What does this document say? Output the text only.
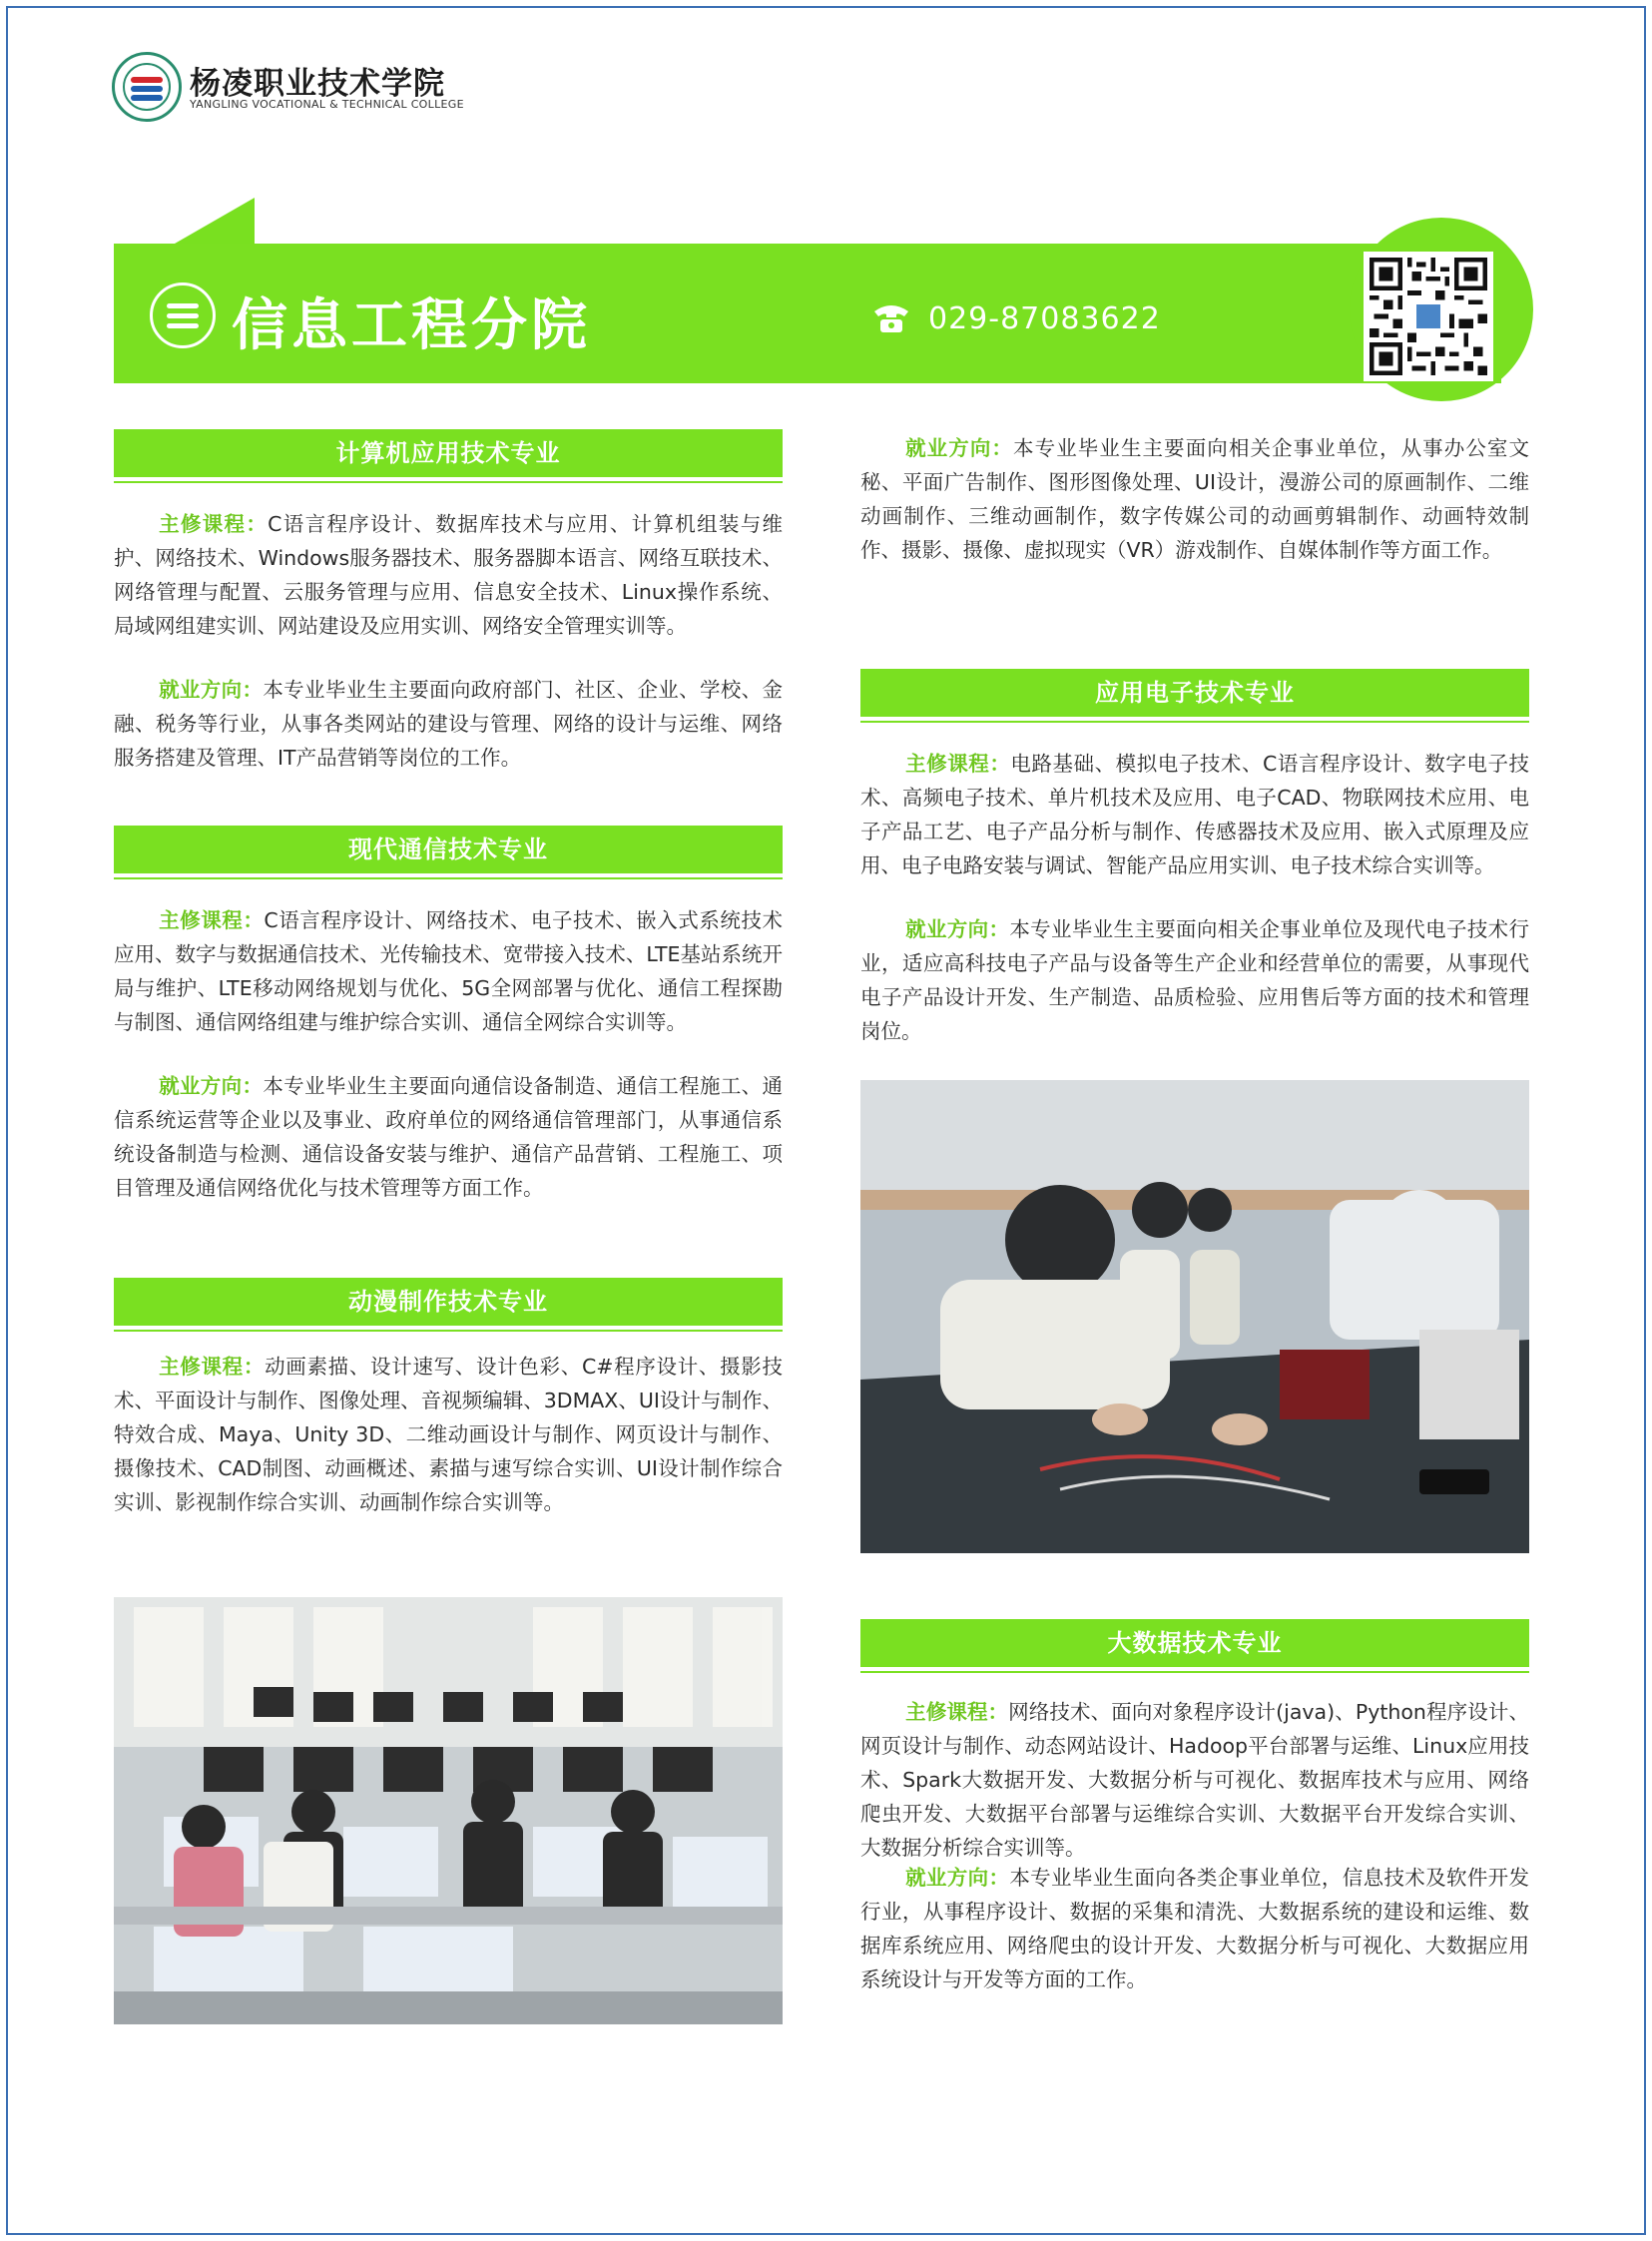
杨凌职业技术学院
YANGLING VOCATIONAL & TECHNICAL COLLEGE
信息工程分院	029-87083622
计算机应用技术专业
主修课程：C语言程序设计、数据库技术与应用、计算机组装与维护、网络技术、Windows服务器技术、服务器脚本语言、网络互联技术、网络管理与配置、云服务管理与应用、信息安全技术、Linux操作系统、局域网组建实训、网站建设及应用实训、网络安全管理实训等。
就业方向：本专业毕业生主要面向政府部门、社区、企业、学校、金融、税务等行业，从事各类网站的建设与管理、网络的设计与运维、网络服务搭建及管理、IT产品营销等岗位的工作。
现代通信技术专业
主修课程：C语言程序设计、网络技术、电子技术、嵌入式系统技术应用、数字与数据通信技术、光传输技术、宽带接入技术、LTE基站系统开局与维护、LTE移动网络规划与优化、5G全网部署与优化、通信工程探勘与制图、通信网络组建与维护综合实训、通信全网综合实训等。
就业方向：本专业毕业生主要面向通信设备制造、通信工程施工、通信系统运营等企业以及事业、政府单位的网络通信管理部门，从事通信系统设备制造与检测、通信设备安装与维护、通信产品营销、工程施工、项目管理及通信网络优化与技术管理等方面工作。
动漫制作技术专业
主修课程：动画素描、设计速写、设计色彩、C#程序设计、摄影技术、平面设计与制作、图像处理、音视频编辑、3DMAX、UI设计与制作、特效合成、Maya、Unity 3D、二维动画设计与制作、网页设计与制作、摄像技术、CAD制图、动画概述、素描与速写综合实训、UI设计制作综合实训、影视制作综合实训、动画制作综合实训等。
就业方向：本专业毕业生主要面向相关企事业单位，从事办公室文秘、平面广告制作、图形图像处理、UI设计，漫游公司的原画制作、二维动画制作、三维动画制作，数字传媒公司的动画剪辑制作、动画特效制作、摄影、摄像、虚拟现实（VR）游戏制作、自媒体制作等方面工作。
应用电子技术专业
主修课程：电路基础、模拟电子技术、C语言程序设计、数字电子技术、高频电子技术、单片机技术及应用、电子CAD、物联网技术应用、电子产品工艺、电子产品分析与制作、传感器技术及应用、嵌入式原理及应用、电子电路安装与调试、智能产品应用实训、电子技术综合实训等。
就业方向：本专业毕业生主要面向相关企事业单位及现代电子技术行业，适应高科技电子产品与设备等生产企业和经营单位的需要，从事现代电子产品设计开发、生产制造、品质检验、应用售后等方面的技术和管理岗位。
大数据技术专业
主修课程：网络技术、面向对象程序设计(java)、Python程序设计、网页设计与制作、动态网站设计、Hadoop平台部署与运维、Linux应用技术、Spark大数据开发、大数据分析与可视化、数据库技术与应用、网络爬虫开发、大数据平台部署与运维综合实训、大数据平台开发综合实训、大数据分析综合实训等。
就业方向：本专业毕业生面向各类企事业单位，信息技术及软件开发行业，从事程序设计、数据的采集和清洗、大数据系统的建设和运维、数据库系统应用、网络爬虫的设计开发、大数据分析与可视化、大数据应用系统设计与开发等方面的工作。
